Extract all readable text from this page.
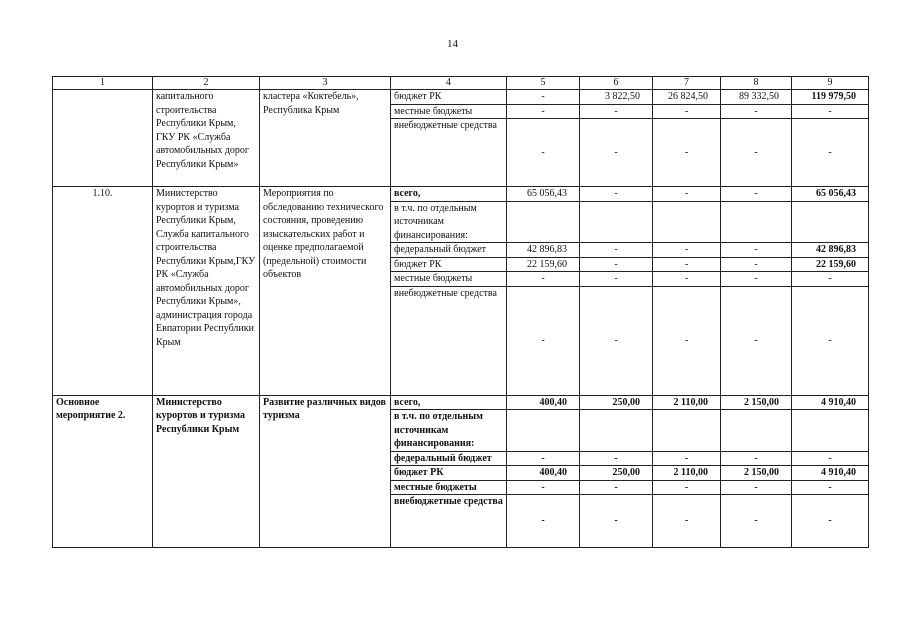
14
1	2	3	4	5	6	7	8	9
	капитального строительства Республики Крым, ГКУ РК «Служба автомобильных дорог Республики Крым»	кластера «Коктебель», Республика Крым	бюджет РК	-	3 822,50	26 824,50	89 332,50	119 979,50
			местные бюджеты	-	-	-	-	-
			внебюджетные средства	-	-	-	-	-
1.10.	Министерство курортов и туризма Республики Крым, Служба капитального строительства Республики Крым,ГКУ РК «Служба автомобильных дорог Республики Крым», администрация города Евпатории Республики Крым	Мероприятия по обследованию технического состояния, проведению изыскательских работ и оценке предполагаемой (предельной) стоимости объектов	всего,	65 056,43	-	-	-	65 056,43
			в т.ч. по отдельным источникам финансирования:					
			федеральный бюджет	42 896,83	-	-	-	42 896,83
			бюджет РК	22 159,60	-	-	-	22 159,60
			местные бюджеты	-	-	-	-	-
			внебюджетные средства	-	-	-	-	-
Основное мероприятие 2.	Министерство курортов и туризма Республики Крым	Развитие различных видов туризма	всего,	400,40	250,00	2 110,00	2 150,00	4 910,40
			в т.ч. по отдельным источникам финансирования:					
			федеральный бюджет	-	-	-	-	-
			бюджет РК	400,40	250,00	2 110,00	2 150,00	4 910,40
			местные бюджеты	-	-	-	-	-
			внебюджетные средства	-	-	-	-	-
